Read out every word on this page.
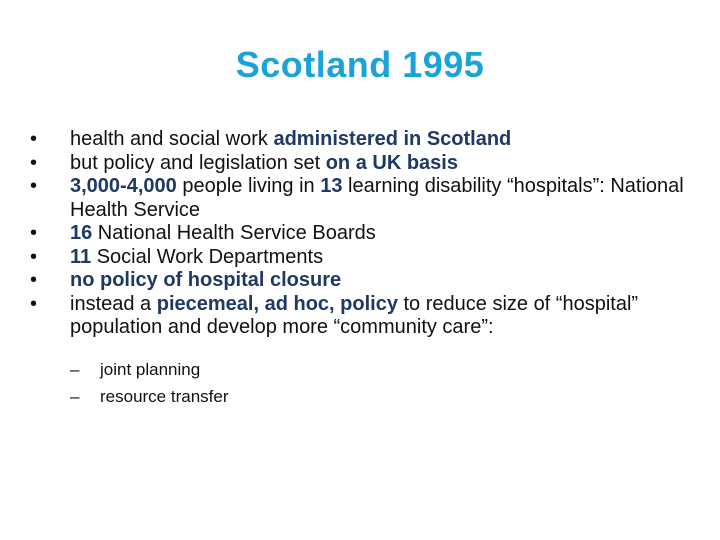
Scotland 1995
• health and social work administered in Scotland
• but policy and legislation set on a UK basis
• 3,000-4,000 people living in 13 learning disability “hospitals”: National Health Service
• 16 National Health Service Boards
• 11 Social Work Departments
• no policy of hospital closure
• instead a piecemeal, ad hoc, policy to reduce size of “hospital” population and develop more “community care”:
– joint planning
– resource transfer
